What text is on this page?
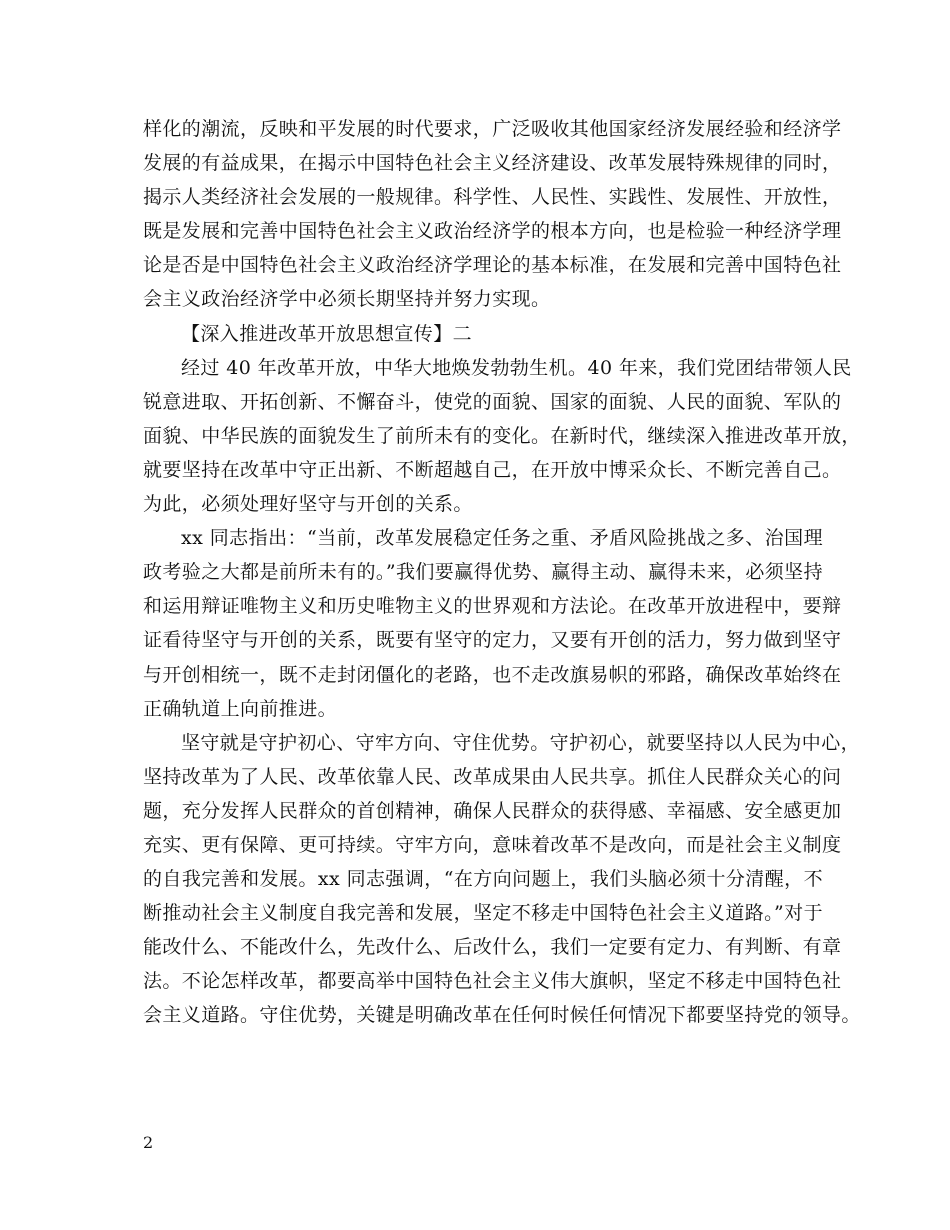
样化的潮流，反映和平发展的时代要求，广泛吸收其他国家经济发展经验和经济学
发展的有益成果，在揭示中国特色社会主义经济建设、改革发展特殊规律的同时，
揭示人类经济社会发展的一般规律。科学性、人民性、实践性、发展性、开放性，
既是发展和完善中国特色社会主义政治经济学的根本方向，也是检验一种经济学理
论是否是中国特色社会主义政治经济学理论的基本标准，在发展和完善中国特色社
会主义政治经济学中必须长期坚持并努力实现。
【深入推进改革开放思想宣传】二
经过 40 年改革开放，中华大地焕发勃勃生机。40 年来，我们党团结带领人民
锐意进取、开拓创新、不懈奋斗，使党的面貌、国家的面貌、人民的面貌、军队的
面貌、中华民族的面貌发生了前所未有的变化。在新时代，继续深入推进改革开放，
就要坚持在改革中守正出新、不断超越自己，在开放中博采众长、不断完善自己。
为此，必须处理好坚守与开创的关系。
xx 同志指出：“当前，改革发展稳定任务之重、矛盾风险挑战之多、治国理
政考验之大都是前所未有的。”我们要赢得优势、赢得主动、赢得未来，必须坚持
和运用辩证唯物主义和历史唯物主义的世界观和方法论。在改革开放进程中，要辩
证看待坚守与开创的关系，既要有坚守的定力，又要有开创的活力，努力做到坚守
与开创相统一，既不走封闭僵化的老路，也不走改旗易帜的邪路，确保改革始终在
正确轨道上向前推进。
坚守就是守护初心、守牢方向、守住优势。守护初心，就要坚持以人民为中心，
坚持改革为了人民、改革依靠人民、改革成果由人民共享。抓住人民群众关心的问
题，充分发挥人民群众的首创精神，确保人民群众的获得感、幸福感、安全感更加
充实、更有保障、更可持续。守牢方向，意味着改革不是改向，而是社会主义制度
的自我完善和发展。xx 同志强调，“在方向问题上，我们头脑必须十分清醒，不
断推动社会主义制度自我完善和发展，坚定不移走中国特色社会主义道路。”对于
能改什么、不能改什么，先改什么、后改什么，我们一定要有定力、有判断、有章
法。不论怎样改革，都要高举中国特色社会主义伟大旗帜，坚定不移走中国特色社
会主义道路。守住优势，关键是明确改革在任何时候任何情况下都要坚持党的领导。
2
